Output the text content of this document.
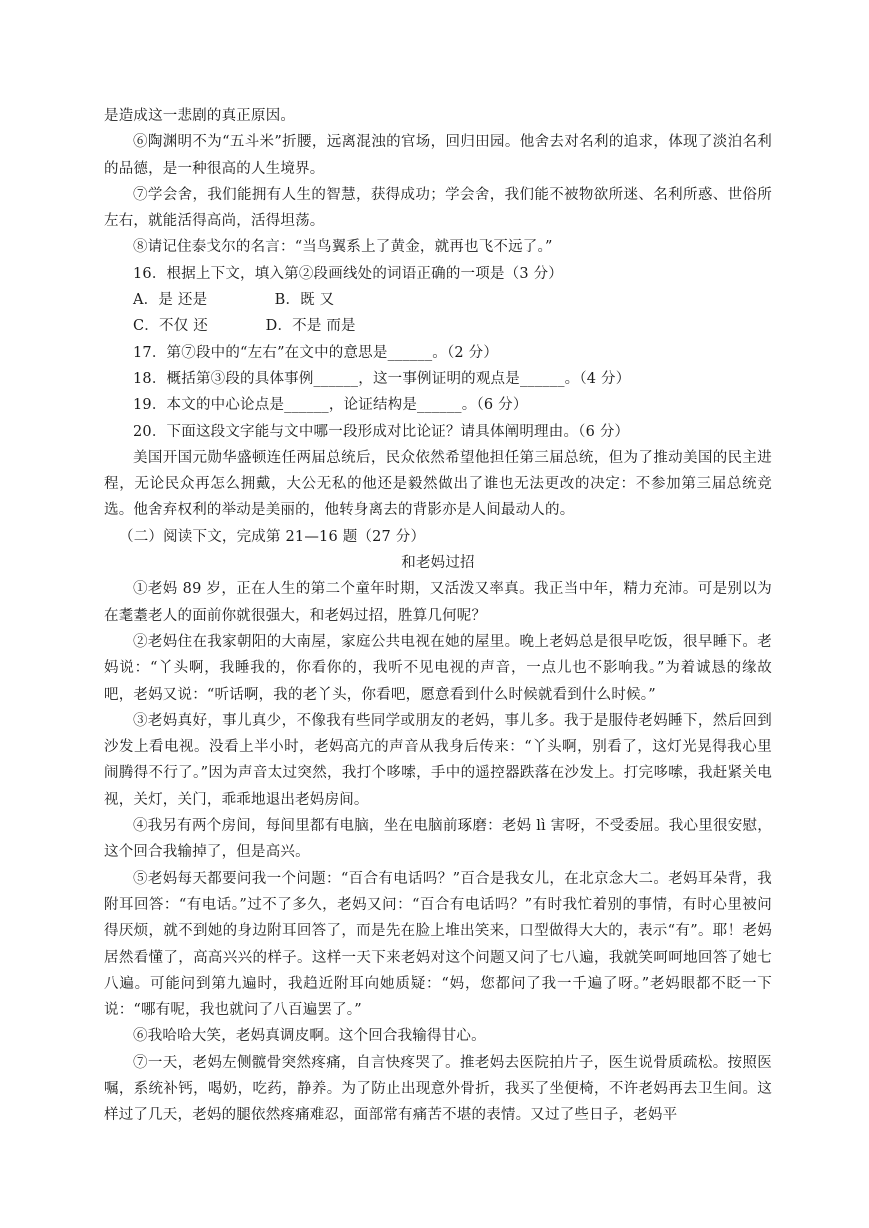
是造成这一悲剧的真正原因。

⑥陶渊明不为“五斗米”折腰，远离混浊的官场，回归田园。他舍去对名利的追求，体现了淡泊名利的品德，是一种很高的人生境界。

⑦学会舍，我们能拥有人生的智慧，获得成功；学会舍，我们能不被物欲所迷、名利所惑、世俗所左右，就能活得高尚，活得坦荡。

⑧请记住泰戈尔的名言：“当鸟翼系上了黄金，就再也飞不远了。”

16．根据上下文，填入第②段画线处的词语正确的一项是（3 分）

A．是 还是              B．既 又

C．不仅 还            D．不是 而是

17．第⑦段中的“左右”在文中的意思是______。（2 分）

18．概括第③段的具体事例______，这一事例证明的观点是______。（4 分）

19．本文的中心论点是______，论证结构是______。（6 分）

20．下面这段文字能与文中哪一段形成对比论证？请具体阐明理由。（6 分）

美国开国元勋华盛顿连任两届总统后，民众依然希望他担任第三届总统，但为了推动美国的民主进程，无论民众再怎么拥戴，大公无私的他还是毅然做出了谁也无法更改的决定：不参加第三届总统竞选。他舍弃权利的举动是美丽的，他转身离去的背影亦是人间最动人的。

（二）阅读下文，完成第 21—16 题（27 分）

和老妈过招

①老妈 89 岁，正在人生的第二个童年时期，又活泼又率真。我正当中年，精力充沛。可是别以为在耄耋老人的面前你就很强大，和老妈过招，胜算几何呢？

②老妈住在我家朝阳的大南屋，家庭公共电视在她的屋里。晚上老妈总是很早吃饭，很早睡下。老妈说：“丫头啊，我睡我的，你看你的，我听不见电视的声音，一点儿也不影响我。”为着诚恳的缘故吧，老妈又说：“听话啊，我的老丫头，你看吧，愿意看到什么时候就看到什么时候。”

③老妈真好，事儿真少，不像我有些同学或朋友的老妈，事儿多。我于是服侍老妈睡下，然后回到沙发上看电视。没看上半小时，老妈高亢的声音从我身后传来：“丫头啊，别看了，这灯光晃得我心里闹腾得不行了。”因为声音太过突然，我打个哆嗦，手中的遥控器跌落在沙发上。打完哆嗦，我赶紧关电视，关灯，关门，乖乖地退出老妈房间。

④我另有两个房间，每间里都有电脑，坐在电脑前琢磨：老妈 lì 害呀，不受委屈。我心里很安慰，这个回合我输掉了，但是高兴。

⑤老妈每天都要问我一个问题：“百合有电话吗？”百合是我女儿，在北京念大二。老妈耳朵背，我附耳回答：“有电话。”过不了多久，老妈又问：“百合有电话吗？”有时我忙着别的事情，有时心里被问得厌烦，就不到她的身边附耳回答了，而是先在脸上堆出笑来，口型做得大大的，表示“有”。耶！老妈居然看懂了，高高兴兴的样子。这样一天下来老妈对这个问题又问了七八遍，我就笑呵呵地回答了她七八遍。可能问到第九遍时，我趋近附耳向她质疑：“妈，您都问了我一千遍了呀。”老妈眼都不眨一下说：“哪有呢，我也就问了八百遍罢了。”

⑥我哈哈大笑，老妈真调皮啊。这个回合我输得甘心。

⑦一天，老妈左侧髋骨突然疼痛，自言快疼哭了。推老妈去医院拍片子，医生说骨质疏松。按照医嘱，系统补钙，喝奶，吃药，静养。为了防止出现意外骨折，我买了坐便椅，不许老妈再去卫生间。这样过了几天，老妈的腿依然疼痛难忍，面部常有痛苦不堪的表情。又过了些日子，老妈平
